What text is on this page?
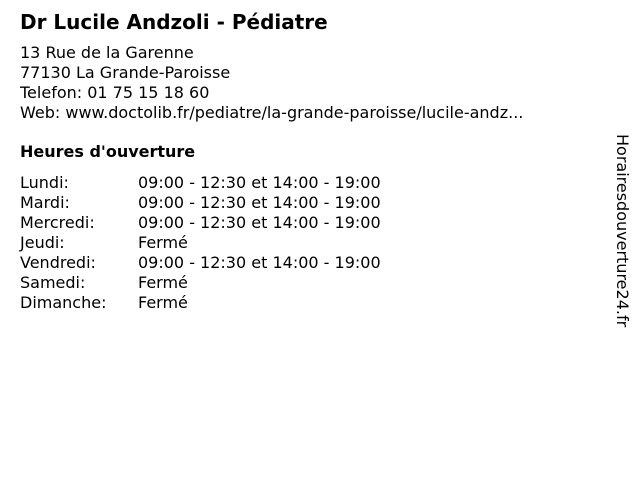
Dr Lucile Andzoli - Pédiatre
13 Rue de la Garenne
77130 La Grande-Paroisse
Telefon: 01 75 15 18 60
Web: www.doctolib.fr/pediatre/la-grande-paroisse/lucile-andz...
Heures d'ouverture
Lundi:	09:00 - 12:30 et 14:00 - 19:00
Mardi:	09:00 - 12:30 et 14:00 - 19:00
Mercredi:	09:00 - 12:30 et 14:00 - 19:00
Jeudi:	Fermé
Vendredi:	09:00 - 12:30 et 14:00 - 19:00
Samedi:	Fermé
Dimanche:	Fermé	Horairesdouverture24.fr
